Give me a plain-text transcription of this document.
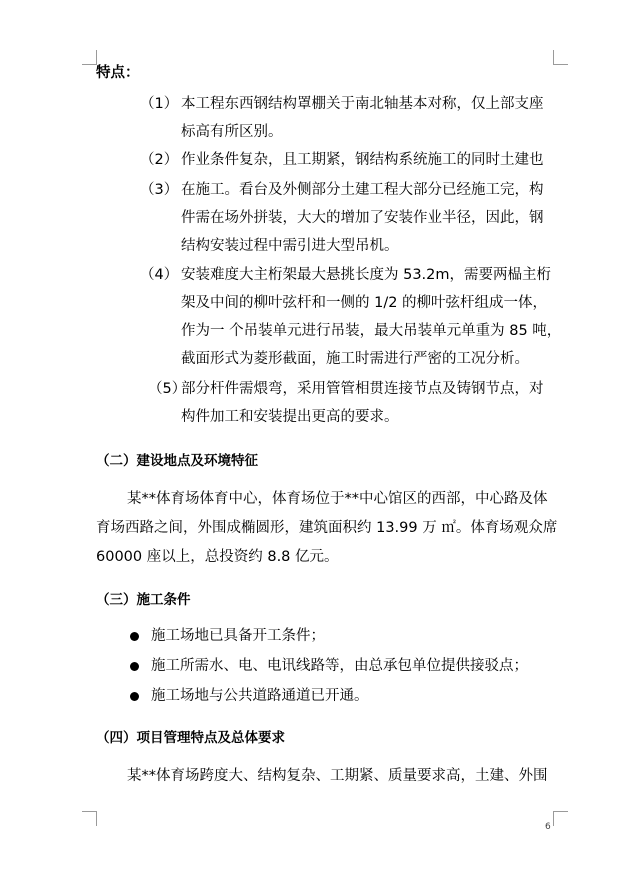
特点：
（1） 本工程东西钢结构罩棚关于南北轴基本对称，仅上部支座
标高有所区别。
（2） 作业条件复杂，且工期紧，钢结构系统施工的同时土建也
（3） 在施工。看台及外侧部分土建工程大部分已经施工完，构
件需在场外拼装，大大的增加了安装作业半径，因此，钢
结构安装过程中需引进大型吊机。
（4） 安装难度大主桁架最大悬挑长度为 53.2m，需要两榀主桁
架及中间的柳叶弦杆和一侧的 1/2 的柳叶弦杆组成一体，
作为一 个吊装单元进行吊装，最大吊装单元单重为 85 吨，
截面形式为菱形截面，施工时需进行严密的工况分析。
（5）
部分杆件需煨弯，采用管管相贯连接节点及铸钢节点，对
构件加工和安装提出更高的要求。
（二）建设地点及环境特征
某**体育场体育中心，体育场位于**中心馆区的西部，中心路及体
育场西路之间，外围成椭圆形，建筑面积约 13.99 万 ㎡。体育场观众席
60000 座以上，总投资约 8.8 亿元。
（三）施工条件
施工场地已具备开工条件；
施工所需水、电、电讯线路等，由总承包单位提供接驳点；
施工场地与公共道路通道已开通。
（四）项目管理特点及总体要求
某**体育场跨度大、结构复杂、工期紧、质量要求高，土建、外围
6
